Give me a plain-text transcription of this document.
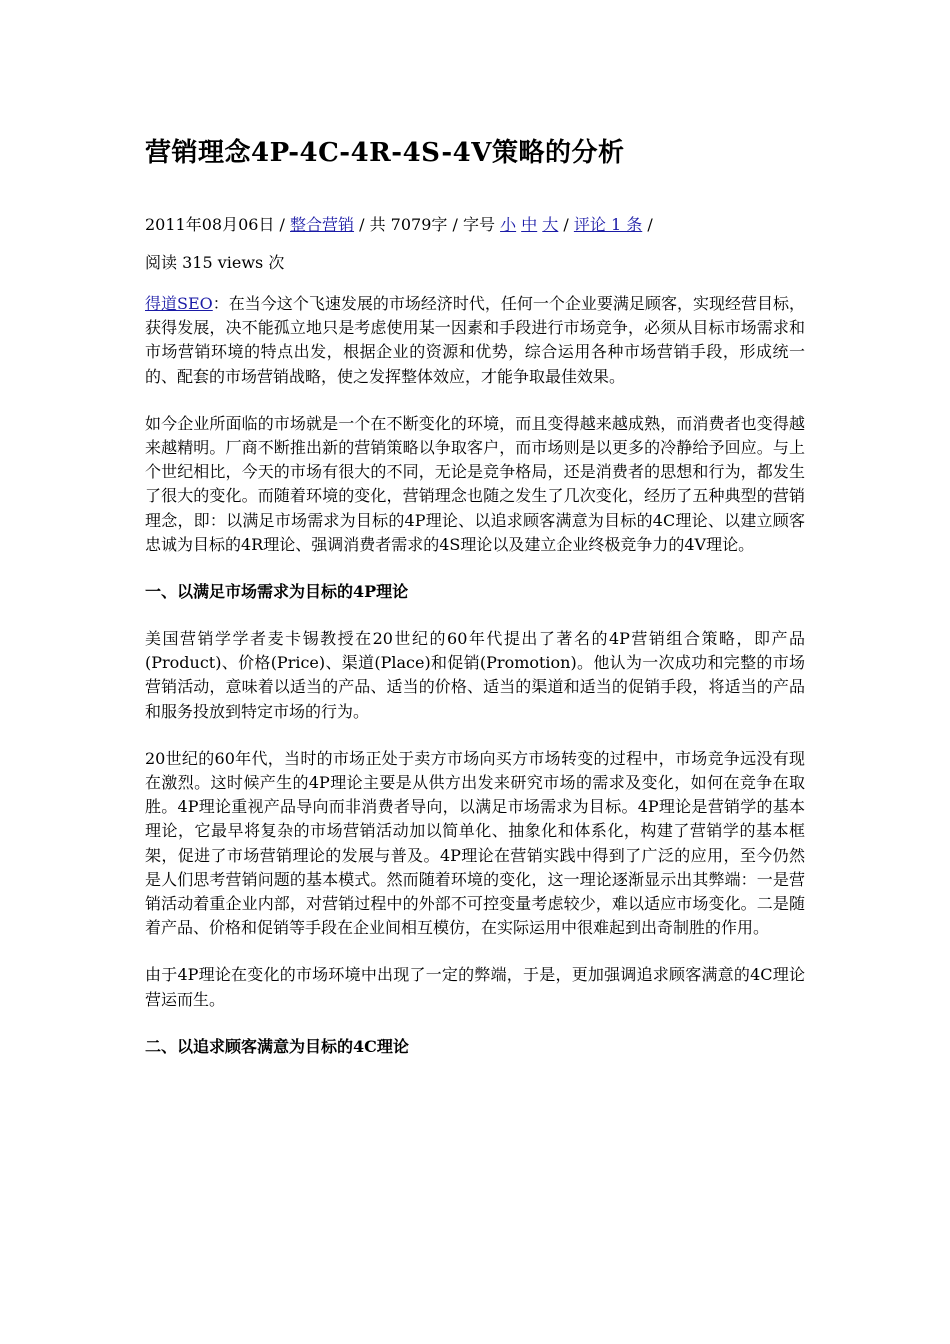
营销理念4P-4C-4R-4S-4V策略的分析
2011年08月06日 / 整合营销 / 共 7079字 / 字号 小 中 大 / 评论 1 条 /
阅读 315 views 次

得道SEO：在当今这个飞速发展的市场经济时代，任何一个企业要满足顾客，实现经营目标，获得发展，决不能孤立地只是考虑使用某一因素和手段进行市场竞争，必须从目标市场需求和市场营销环境的特点出发，根据企业的资源和优势，综合运用各种市场营销手段，形成统一的、配套的市场营销战略，使之发挥整体效应，才能争取最佳效果。

如今企业所面临的市场就是一个在不断变化的环境，而且变得越来越成熟，而消费者也变得越来越精明。厂商不断推出新的营销策略以争取客户，而市场则是以更多的冷静给予回应。与上个世纪相比，今天的市场有很大的不同，无论是竞争格局，还是消费者的思想和行为，都发生了很大的变化。而随着环境的变化，营销理念也随之发生了几次变化，经历了五种典型的营销理念，即：以满足市场需求为目标的4P理论、以追求顾客满意为目标的4C理论、以建立顾客忠诚为目标的4R理论、强调消费者需求的4S理论以及建立企业终极竞争力的4V理论。

一、以满足市场需求为目标的4P理论

美国营销学学者麦卡锡教授在20世纪的60年代提出了著名的4P营销组合策略，即产品(Product)、价格(Price)、渠道(Place)和促销(Promotion)。他认为一次成功和完整的市场营销活动，意味着以适当的产品、适当的价格、适当的渠道和适当的促销手段，将适当的产品和服务投放到特定市场的行为。

20世纪的60年代，当时的市场正处于卖方市场向买方市场转变的过程中，市场竞争远没有现在激烈。这时候产生的4P理论主要是从供方出发来研究市场的需求及变化，如何在竞争在取胜。4P理论重视产品导向而非消费者导向，以满足市场需求为目标。4P理论是营销学的基本理论，它最早将复杂的市场营销活动加以简单化、抽象化和体系化，构建了营销学的基本框架，促进了市场营销理论的发展与普及。4P理论在营销实践中得到了广泛的应用，至今仍然是人们思考营销问题的基本模式。然而随着环境的变化，这一理论逐渐显示出其弊端：一是营销活动着重企业内部，对营销过程中的外部不可控变量考虑较少，难以适应市场变化。二是随着产品、价格和促销等手段在企业间相互模仿，在实际运用中很难起到出奇制胜的作用。

由于4P理论在变化的市场环境中出现了一定的弊端，于是，更加强调追求顾客满意的4C理论营运而生。

二、以追求顾客满意为目标的4C理论
